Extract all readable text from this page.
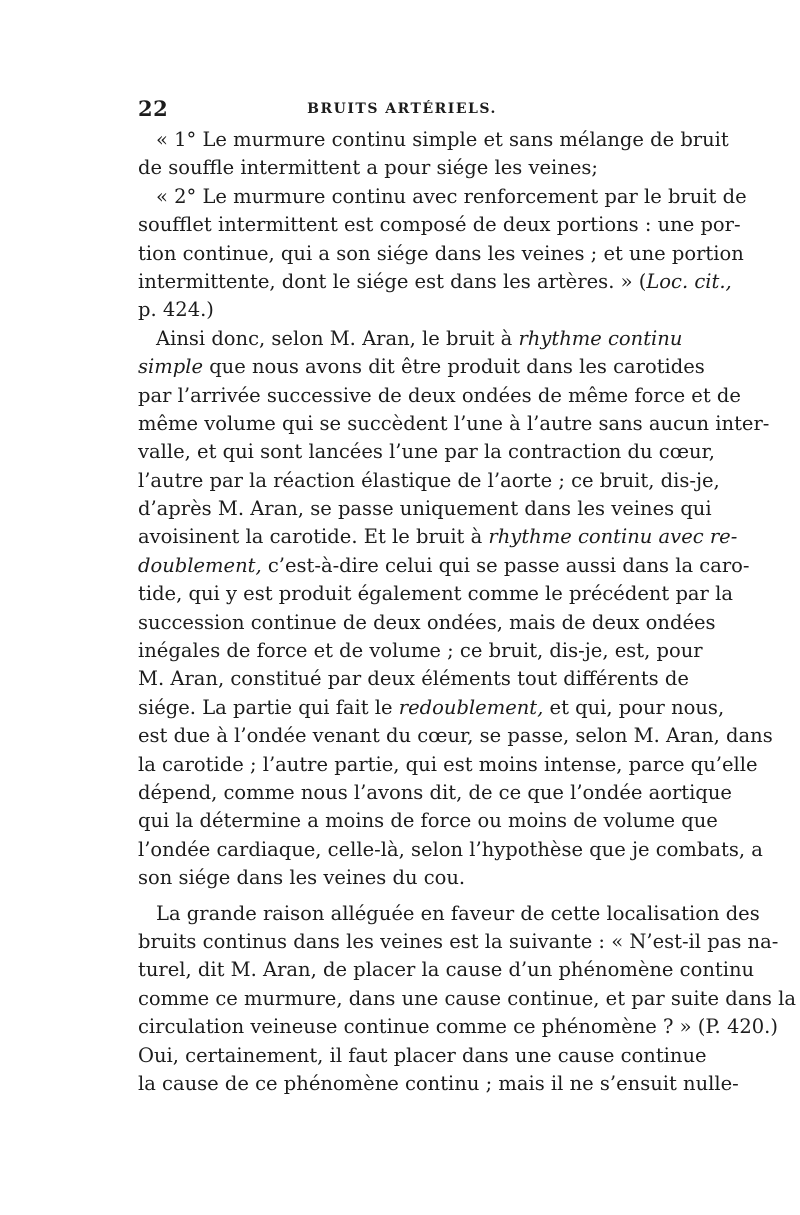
22	BRUITS ARTÉRIELS.
« 1° Le murmure continu simple et sans mélange de bruit
de souffle intermittent a pour siége les veines;
« 2° Le murmure continu avec renforcement par le bruit de
soufflet intermittent est composé de deux portions : une por-
tion continue, qui a son siége dans les veines ; et une portion
intermittente, dont le siége est dans les artères. » (Loc. cit.,
p. 424.)
Ainsi donc, selon M. Aran, le bruit à rhythme continu
simple que nous avons dit être produit dans les carotides
par l’arrivée successive de deux ondées de même force et de
même volume qui se succèdent l’une à l’autre sans aucun inter-
valle, et qui sont lancées l’une par la contraction du cœur,
l’autre par la réaction élastique de l’aorte ; ce bruit, dis-je,
d’après M. Aran, se passe uniquement dans les veines qui
avoisinent la carotide. Et le bruit à rhythme continu avec re-
doublement, c’est-à-dire celui qui se passe aussi dans la caro-
tide, qui y est produit également comme le précédent par la
succession continue de deux ondées, mais de deux ondées
inégales de force et de volume ; ce bruit, dis-je, est, pour
M. Aran, constitué par deux éléments tout différents de
siége. La partie qui fait le redoublement, et qui, pour nous,
est due à l’ondée venant du cœur, se passe, selon M. Aran, dans
la carotide ; l’autre partie, qui est moins intense, parce qu’elle
dépend, comme nous l’avons dit, de ce que l’ondée aortique
qui la détermine a moins de force ou moins de volume que
l’ondée cardiaque, celle-là, selon l’hypothèse que je combats, a
son siége dans les veines du cou.
La grande raison alléguée en faveur de cette localisation des
bruits continus dans les veines est la suivante : « N’est-il pas na-
turel, dit M. Aran, de placer la cause d’un phénomène continu
comme ce murmure, dans une cause continue, et par suite dans la
circulation veineuse continue comme ce phénomène ? » (P. 420.)
Oui, certainement, il faut placer dans une cause continue
la cause de ce phénomène continu ; mais il ne s’ensuit nulle-
